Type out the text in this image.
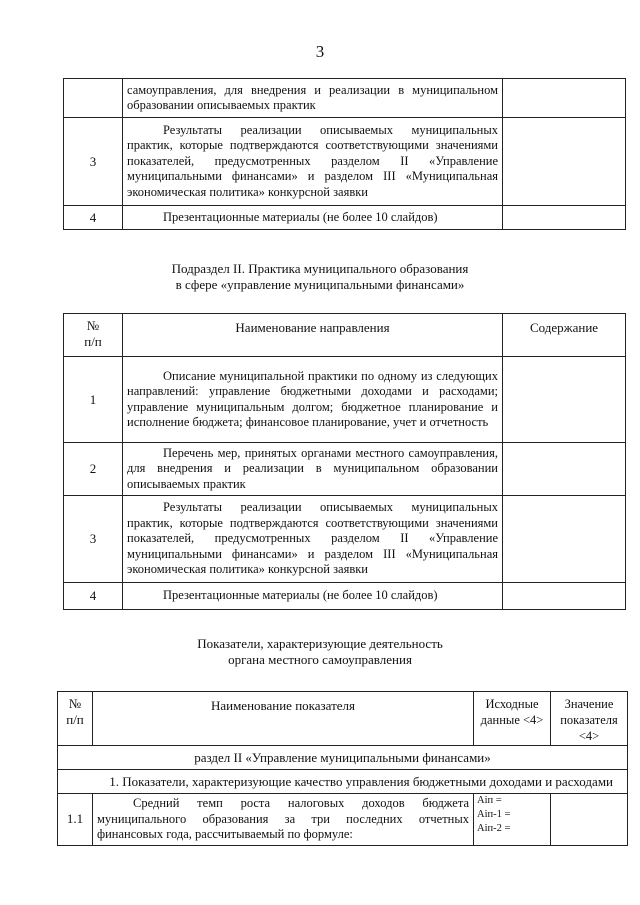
3
	самоуправления, для внедрения и реализации в муниципальном образовании описываемых практик	
3	Результаты реализации описываемых муниципальных практик, которые подтверждаются соответствующими значениями показателей, предусмотренных разделом II «Управление муниципальными финансами» и разделом III «Муниципальная экономическая политика» конкурсной заявки	
4	Презентационные материалы (не более 10 слайдов)	
Подраздел II. Практика муниципального образования
в сфере «управление муниципальными финансами»
№
п/п	Наименование направления	Содержание
1	Описание муниципальной практики по одному из следующих направлений: управление бюджетными доходами и расходами; управление муниципальным долгом; бюджетное планирование и исполнение бюджета; финансовое планирование, учет и отчетность	
2	Перечень мер, принятых органами местного самоуправления, для внедрения и реализации в муниципальном образовании описываемых практик	
3	Результаты реализации описываемых муниципальных практик, которые подтверждаются соответствующими значениями показателей, предусмотренных разделом II «Управление муниципальными финансами» и разделом III «Муниципальная экономическая политика» конкурсной заявки	
4	Презентационные материалы (не более 10 слайдов)	
Показатели, характеризующие деятельность
органа местного самоуправления
№
п/п	Наименование показателя	Исходные данные <4>	Значение показателя <4>
раздел II «Управление муниципальными финансами»			
1. Показатели, характеризующие качество управления бюджетными доходами и расходами			
1.1	Средний темп роста налоговых доходов бюджета муниципального образования за три последних отчетных финансовых года, рассчитываемый по формуле:	Aiп =
Aiп-1 =
Aiп-2 =	
